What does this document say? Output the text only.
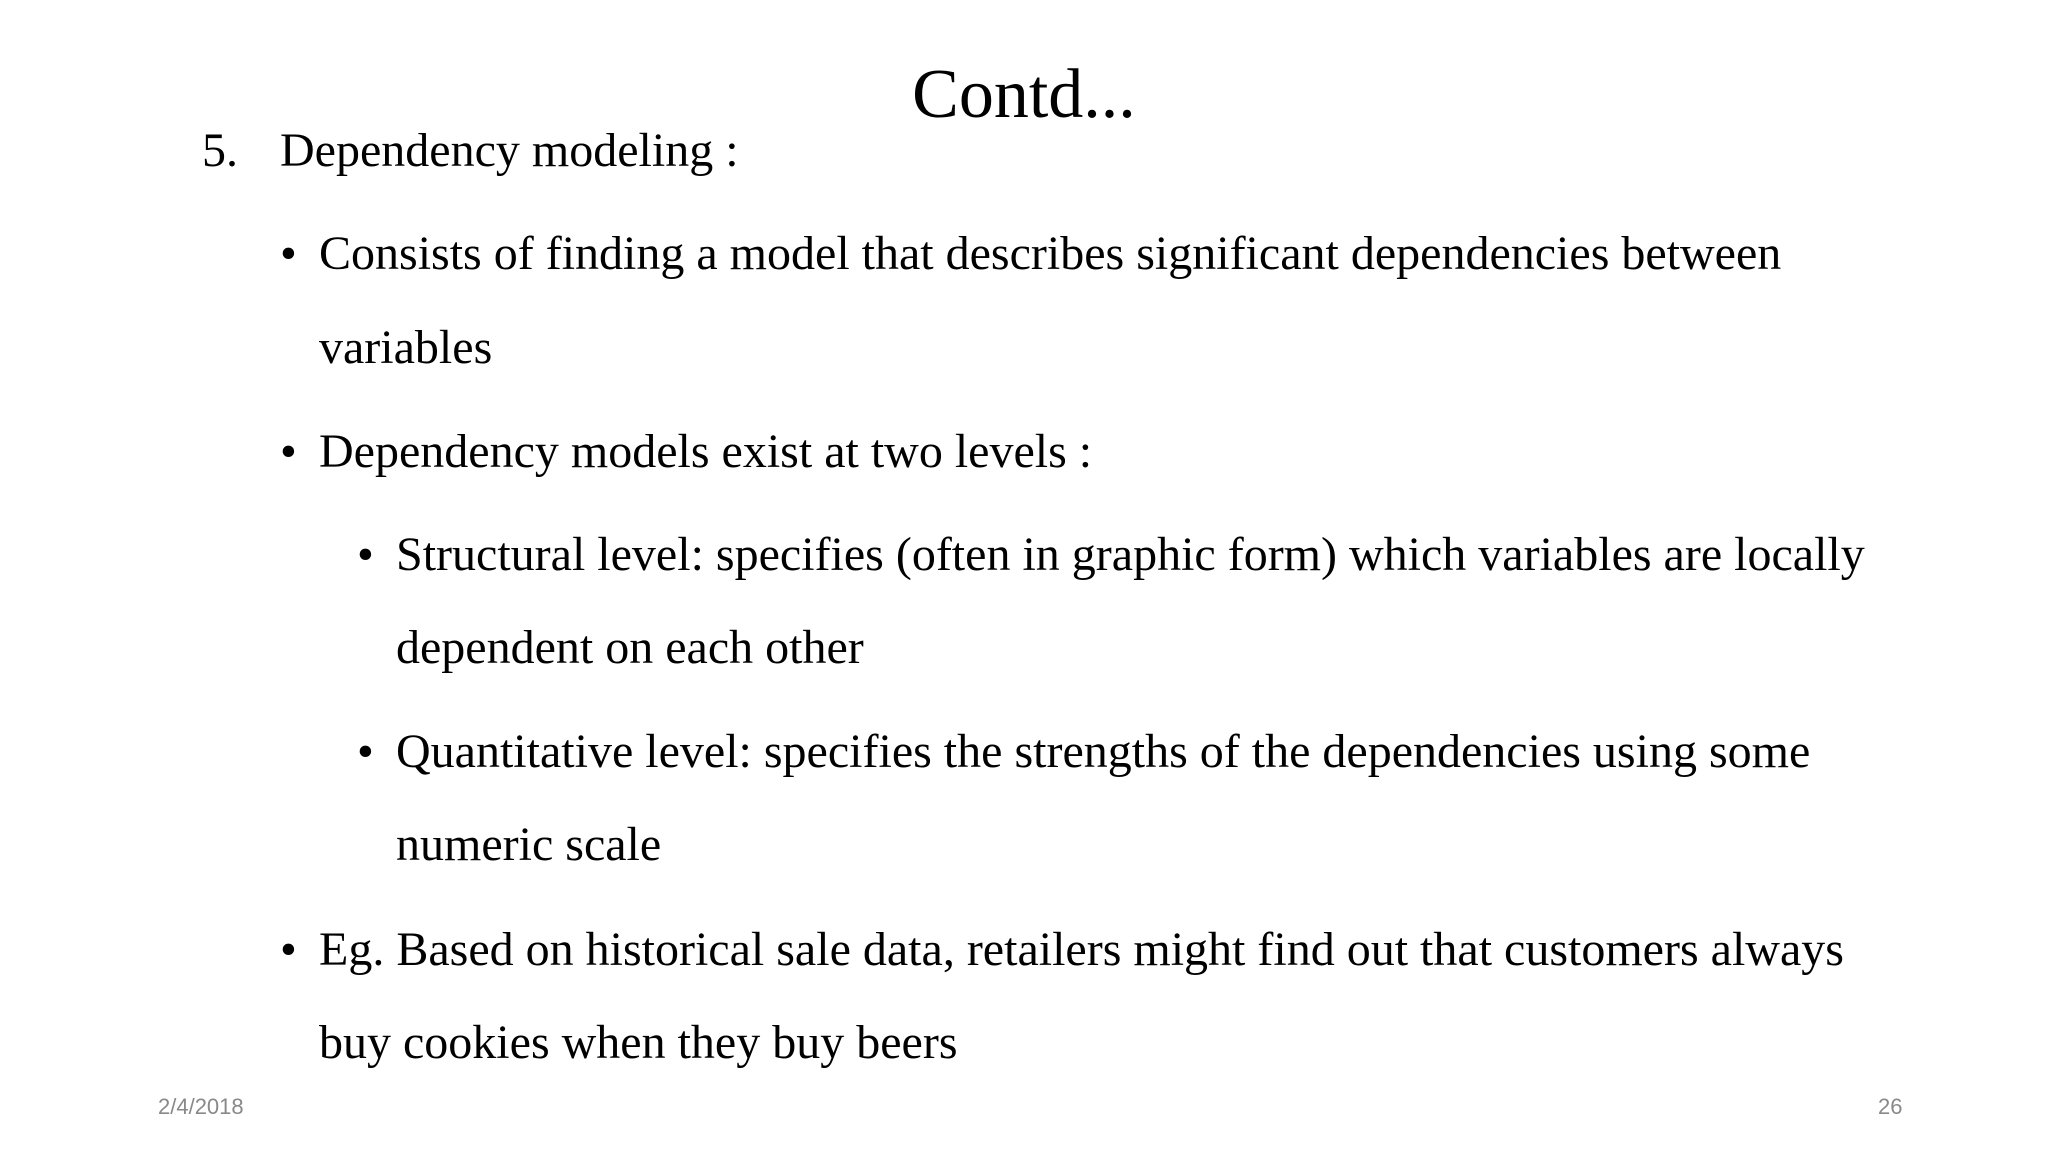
Contd...
5. Dependency modeling :
• Consists of finding a model that describes significant dependencies between
variables
• Dependency models exist at two levels :
• Structural level: specifies (often in graphic form) which variables are locally
dependent on each other
• Quantitative level: specifies the strengths of the dependencies using some
numeric scale
• Eg. Based on historical sale data, retailers might find out that customers always
buy cookies when they buy beers
2/4/2018	26
